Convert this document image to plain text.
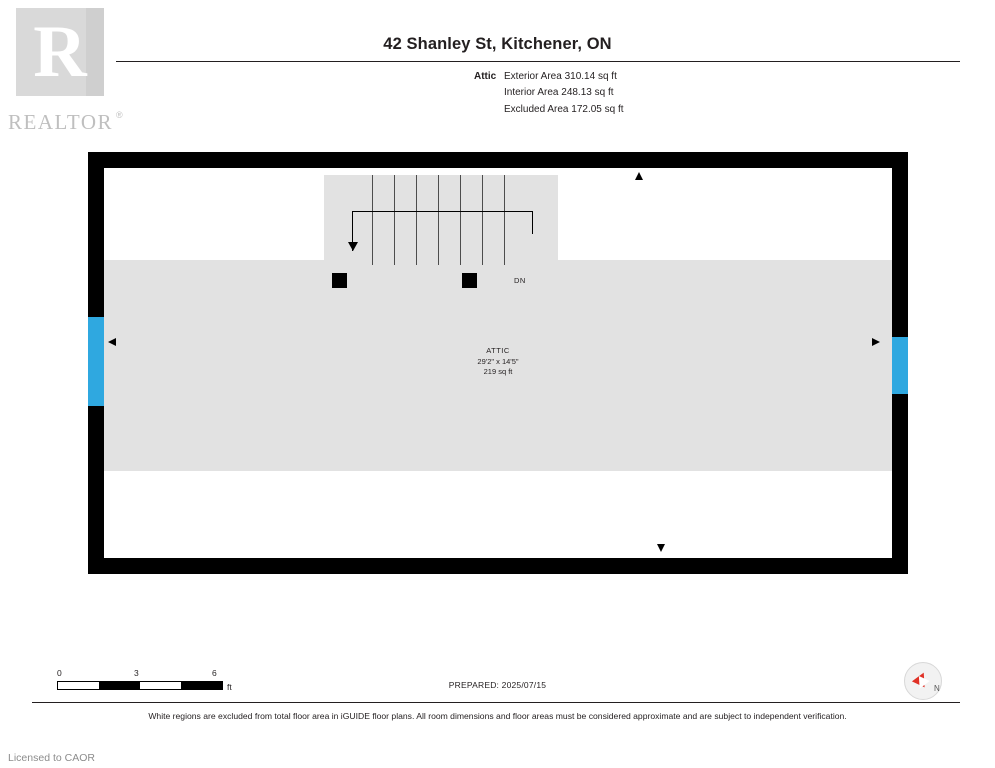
R
REALTOR ®
42 Shanley St, Kitchener, ON
Attic Exterior Area 310.14 sq ft
Interior Area 248.13 sq ft
Excluded Area 172.05 sq ft
DN
ATTIC
29'2" x 14'5"
219 sq ft
0	3	6
ft	PREPARED: 2025/07/15	N
White regions are excluded from total floor area in iGUIDE floor plans. All room dimensions and floor areas must be considered approximate and are subject to independent verification.
Licensed to CAOR
